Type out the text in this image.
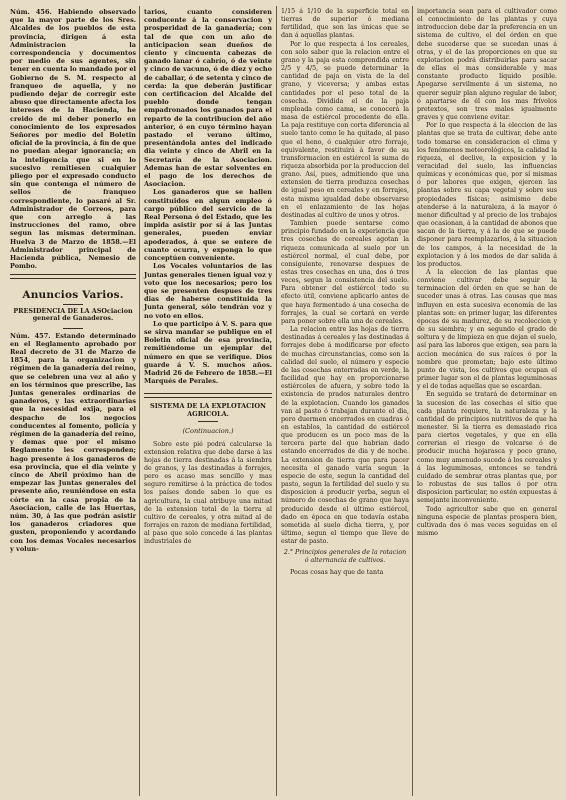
Núm. 456. Habiendo observado que la mayor parte de los Sres. Alcaldes de los pueblos de esta provincia, dirigen á esta Administracion la correspondencia y documentos por medio de sus agentes, sin tener en cuenta lo mandado por el Gobierno de S. M. respecto al franqueo de aquella, y no pudiendo dejar de corregir este abuso que directamente afecta los intereses de la Hacienda, he creido de mi deber ponerlo en conocimiento de los expresados Señores por medio del Boletin oficial de la provincia, á fin de que no puedan alegar ignorancia; en la inteligencia que si en lo sucesivo remitiesen cualquier pliego por el expresado conducto sin que contenga el número de sellos de franqueo correspondiente, lo pasaré al Sr. Administrador de Correos, para que con arreglo á las instrucciones del ramo, obre segun las mismas determinan. Huelva 3 de Marzo de 1858.—El Administrador principal de Hacienda pública, Nemesio de Pombo.

Anuncios Varios.
PRESIDENCIA DE LA ASOciacion general de Ganaderos.

Núm. 457. Estando determinado en el Reglamento aprobado por Real decreto de 31 de Marzo de 1854, para la organizacion y régimen de la ganadería del reino, que se celebren una vez al año y en los términos que prescribe, las Juntas generales ordinarias de ganaderos, y las extraordinarias que la necesidad exija, para el despacho de los negocios conducentes al fomento, policía y régimen de la ganadería del reino, y demas que por el mismo Reglamento les corresponden; hago presente á los ganaderos de esa provincia, que el dia veinte y cinco de Abril próximo han de empezar las Juntas generales del presente año, reuniéndose en esta córte en la casa propia de la Asociacion, calle de las Huertas, núm. 30, á las que podrán asistir los ganaderos criadores que gusten, proponiendo y acordando con los demas Vocales necesarios y volun-

tarios, cuanto consideren conducente á la conservacion y prosperidad de la ganadería; con tal de que con un año de anticipacion sean dueños de ciento y cincuenta cabezas de ganado lanar ó cabrío, ó de veinte y cinco de vacuno, ó de diez y ocho de caballar, ó de setenta y cinco de cerda: la que deberán justificar con certificacion del Alcalde del pueblo donde tengan empadronados los ganados para el reparto de la contribucion del año anterior, ó en cuyo término hayan pastado el verano último, presentándola antes del indicado dia veinte y cinco de Abril en la Secretaría de la Asociacion. Ademas han de estar solventes en el pago de los derechos de Asociacion.

Los ganaderos que se hallen constituidos en algun empleo ó cargo público del servicio de la Real Persona ó del Estado, que les impida asistir por sí á las Juntas generales, pueden enviar apoderados, á que se entere de cuanto ocurra, y exponga lo que conceptúen conveniente.

Los Vocales voluntarios de las Juntas generales tienen igual voz y voto que los necesarios; pero los que se presenten despues de tres dias de haberse constituida la Junta general, sólo tendrán voz y no voto en ellos.

Lo que participo á V. S. para que se sirva mandar se publique en el Boletin oficial de esa provincia, remitiéndome un ejemplar del número en que se verifique. Dios guarde á V. S. muchos años. Madrid 26 de Febrero de 1858.—El Marqués de Perales.

SISTEMA DE LA EXPLOTACION AGRICOLA.

(Continuacion.)

Sobre este pié podrá calcularse la extension relativa que debe darse á las hojas de tierra destinadas á la siembra de granos, y las destinadas á forrajes, pero es acaso mas sencillo y mas seguro remitirse á la práctica de todos los países donde saben lo que es agricultura, la cual atribuye una mitad de la extension total de la tierra al cultivo de cereales, y otra mitad al de forrajes en razon de mediana fertilidad, al paso que solo concede á las plantas industriales de

1/15 á 1/10 de la superficie total en tierras de superior ó mediana fertilidad, que son las únicas que se dan á aquellas plantas.

Por lo que respecta á los cereales, con solo saber que la relacion entre el grano y la paja esta comprendida entre 2/5 y 4/5, se puede determinar la cantidad de paja en vista de la del grano, y viceversa; y ambas estas cantidades por el peso total de la cosecha. Dividida el de la paja empleada como cama, se conocerá la masa de estiércol procedente de ella. La paja restituye con corta diferencia al suelo tanto como le ha quitado, al paso que el heno, ó cualquier otro forraje, equivalente, restituirá á favor de su transformacion en estiércol la suma de riqueza absorbida por la produccion del grano. Así, pues, admitiendo que una extension de tierra produzca cosechas de igual peso en cereales y en forrajes, esta misma igualdad debe observarse en el enlazamiento de las hojas destinadas al cultivo de unos y otros.

Tambien puede sentarse como principio fundado en la experiencia que tres cosechas de cereales agotan la riqueza comunicada al suelo por un estiércol normal, el cual debe, por consiguiente, renovarse despues de estas tres cosechas en una, dos ó tres veces, segun la consistencia del suelo. Para obtener del estiércol todo su efecto útil, conviene aplicarlo antes de que haya fermentado á una cosecha de forrajes, la cual se cortará en verde para poner sobre ella una de cereales.

La relacion entre las hojas de tierra destinadas á cereales y las destinadas á forrajes debe á modificarse por efecto de muchas circunstancias, como son la calidad del suelo, el número y especie de las cosechas enterradas en verde, la facilidad que hay en proporcionarse estiércoles de afuera, y sobre todo la existencia de prados naturales dentro de la explotacion. Cuando los ganados van al pasto ó trabajan durante el dia, pero duermen encerrados en cuadras ó en establos, la cantidad de estiércol que producen es un poco mas de la tercera parte del que habrian dado estando encerrados de dia y de noche. La extension de tierra que para pacer necesita el ganado varía segun la especie de este, segun la cantidad del pasto, segun la fertilidad del suelo y su disposicion á producir yerba, segun el número de cosechas de grano que haya producido desde el último estiércol, dado en época en que todavía estaba sometida al suelo dicha tierra, y, por último, segun el tiempo que lleve de estar de pasto.

2.° Principios generales de la rotacion ó alternancia de cultivos.

Pocas cosas hay que de tanta

importancia sean para el cultivador como el conocimiento de las plantas y cuya introduccion debe dar la preferencia en un sistema de cultivo, el del órden en que debe sucederse que se sucedan unas á otras, y el de las proporciones en que su explotacion podrá distribuirlas para sacar de ellas el mas considerable y mas constante producto líquido posible. Apegarse servilmente á un sistema, no querer seguir plan alguno regular de labor, ó apartarse de él con los mas frívolos pretextos, son tres males igualmente graves y que conviene evitar.

Por lo que respecta á la eleccion de las plantas que se trata de cultivar, debe ante todo tomarse en consideracion el clima y los fenómenos meteorológicos, la calidad la riqueza, el declive, la exposicion y la veracidad del suelo, las influencias químicas y económicas que, por sí mismas ó por labores que exigen, ejercen las plantas sobre su capa vegetal y sobre sus propiedades físicas; asimismo debe atenderse á la naturaleza, á la mayor ó menor dificultad y al precio de los trabajos que ocasionan, á la cantidad de abonos que sacan de la tierra, y á la de que se puede disponer para reemplazarlos, á la situacion de los campos, á la necesidad de la explotacion y á los modos de dar salida á los productos.

A la eleccion de las plantas que conviene cultivar debe seguir la terminacion del órden en que se han de suceder unas á otras. Las causas que mas influyen en esta sucesiva economía de las plantas son: en primer lugar, las diferentes épocas de su madurez, de su recoleccion y de su siembra; y en segundo el grado de soltura y de limpieza en que dejan el suelo, así para las labores que exigen, sea para la accion mecánica de sus raíces ó por la nombre que prometan; bajo este último punto de vista, los cultivos que ocupan el primer lugar son el de plantas leguminosas y el de todas aquellas que se escardan.

En seguida se tratará de determinar en la sucesion de las cosechas el sitio que cada planta requiere, la naturaleza y la cantidad de principios nutritivos de que ha menester. Si la tierra es demasiado rica para ciertos vegetales, y que en ella correrian el riesgo de volcarse ó de producir mucha hojarasca y poco grano, como muy amenudo sucede á los cereales y á las leguminosas, entonces se tendrá cuidado de sembrar otras plantas que, por lo robustas de sus tallos ó por otra disposicion particular, no estén expuestas á semejante inconveniente.

Todo agricultor sabe que en general ninguna especie de plantas prospera bien, cultivada dos ó mas veces seguidas en el mismo
